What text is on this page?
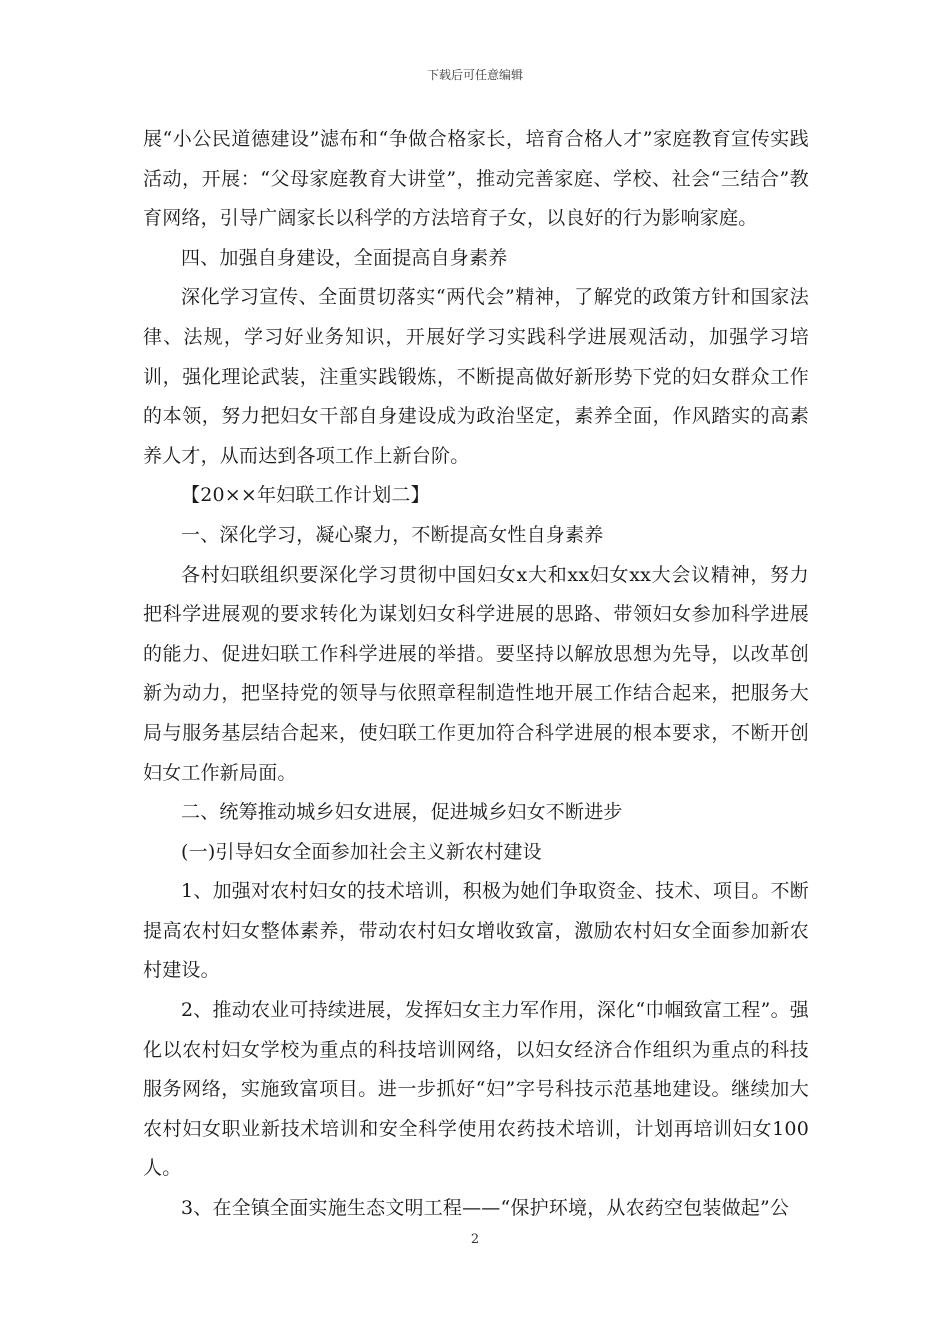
下载后可任意编辑

展“小公民道德建设”滤布和“争做合格家长，培育合格人才”家庭教育宣传实践活动，开展：“父母家庭教育大讲堂”，推动完善家庭、学校、社会“三结合”教育网络，引导广阔家长以科学的方法培育子女，以良好的行为影响家庭。

四、加强自身建设，全面提高自身素养

深化学习宣传、全面贯切落实“两代会”精神，了解党的政策方针和国家法律、法规，学习好业务知识，开展好学习实践科学进展观活动，加强学习培训，强化理论武装，注重实践锻炼，不断提高做好新形势下党的妇女群众工作的本领，努力把妇女干部自身建设成为政治坚定，素养全面，作风踏实的高素养人才，从而达到各项工作上新台阶。

【20××年妇联工作计划二】

一、深化学习，凝心聚力，不断提高女性自身素养

各村妇联组织要深化学习贯彻中国妇女x大和xx妇女xx大会议精神，努力把科学进展观的要求转化为谋划妇女科学进展的思路、带领妇女参加科学进展的能力、促进妇联工作科学进展的举措。要坚持以解放思想为先导，以改革创新为动力，把坚持党的领导与依照章程制造性地开展工作结合起来，把服务大局与服务基层结合起来，使妇联工作更加符合科学进展的根本要求，不断开创妇女工作新局面。

二、统筹推动城乡妇女进展，促进城乡妇女不断进步

(一)引导妇女全面参加社会主义新农村建设

1、加强对农村妇女的技术培训，积极为她们争取资金、技术、项目。不断提高农村妇女整体素养，带动农村妇女增收致富，激励农村妇女全面参加新农村建设。

2、推动农业可持续进展，发挥妇女主力军作用，深化“巾帼致富工程”。强化以农村妇女学校为重点的科技培训网络，以妇女经济合作组织为重点的科技服务网络，实施致富项目。进一步抓好“妇”字号科技示范基地建设。继续加大农村妇女职业新技术培训和安全科学使用农药技术培训，计划再培训妇女100人。

3、在全镇全面实施生态文明工程——“保护环境，从农药空包装做起”公

2
